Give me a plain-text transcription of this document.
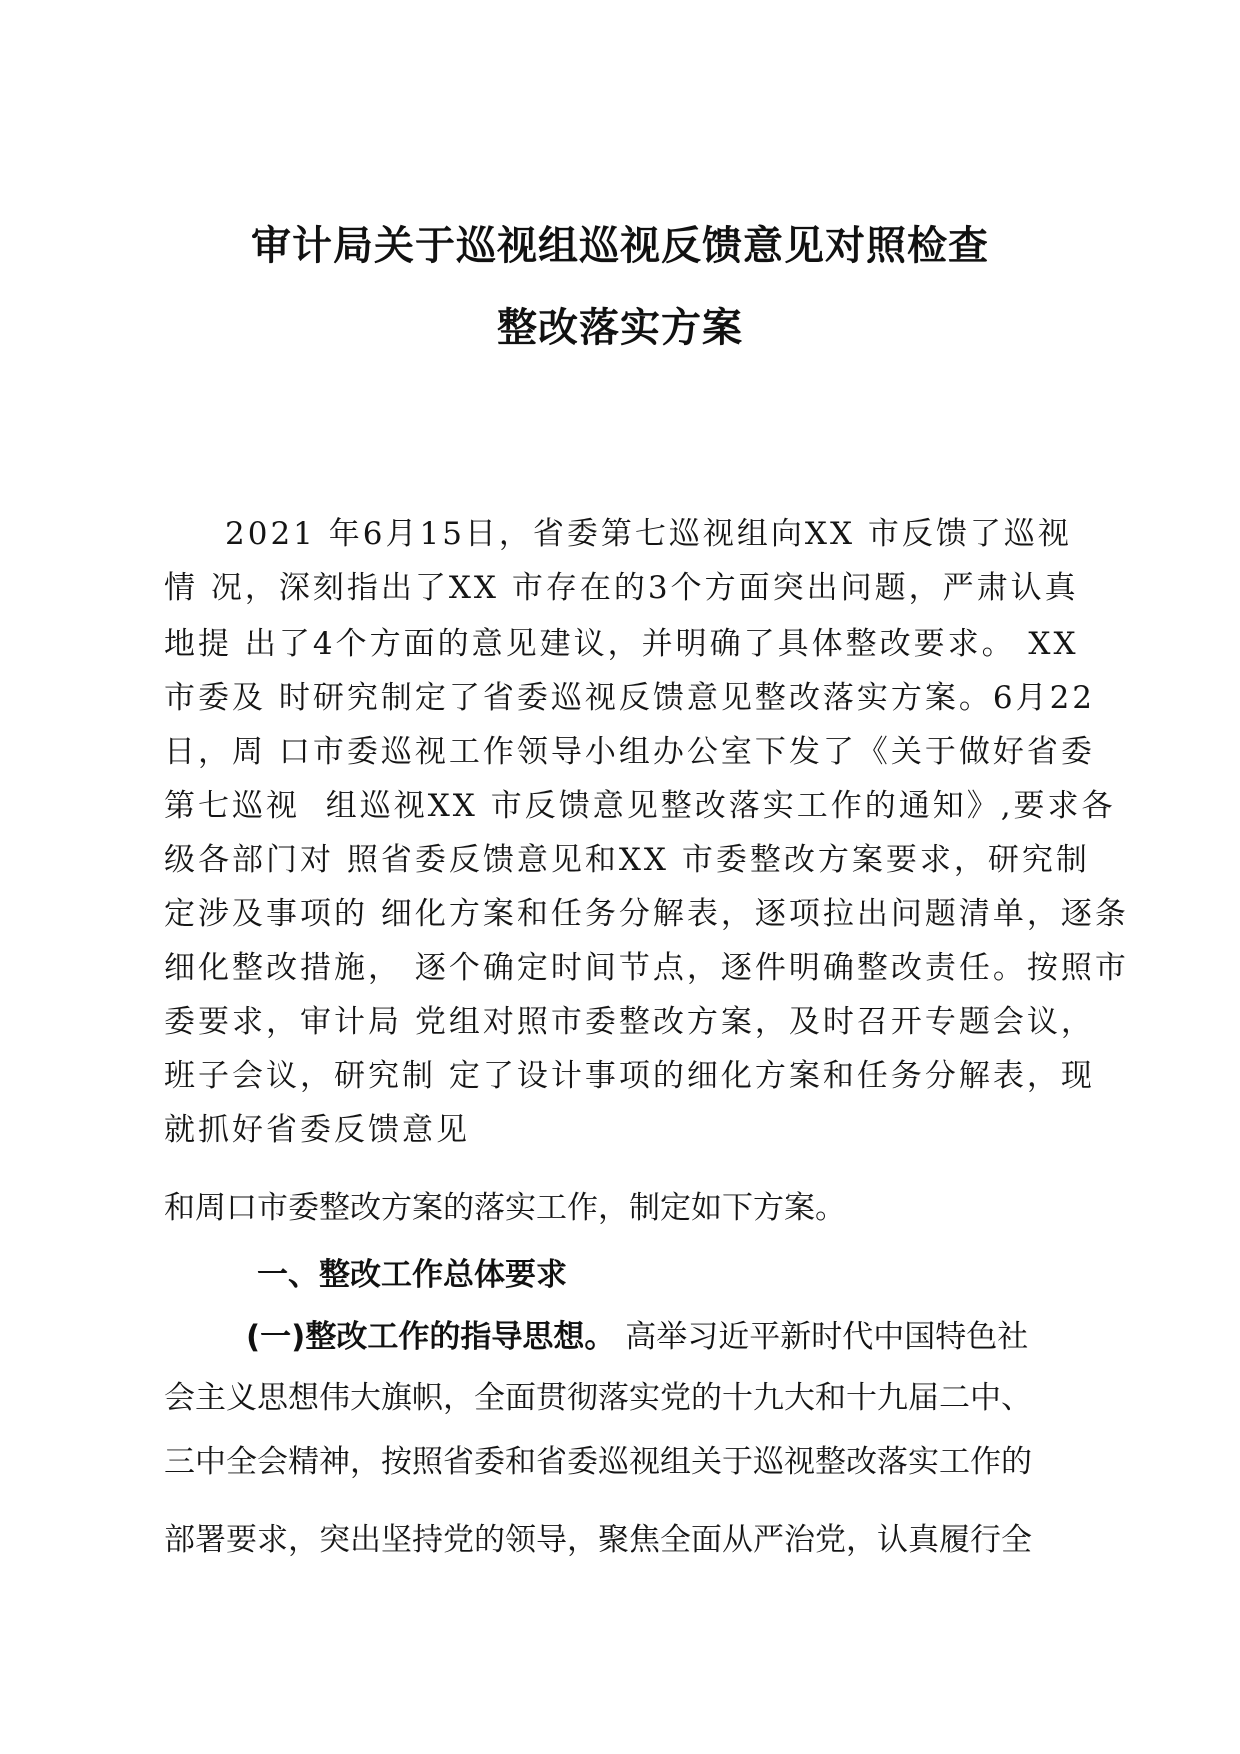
审计局关于巡视组巡视反馈意见对照检查
整改落实方案
2021 年6月15日，省委第七巡视组向XX 市反馈了巡视
情 况，深刻指出了XX 市存在的3个方面突出问题，严肃认真
地提 出了4个方面的意见建议，并明确了具体整改要求。 XX
市委及 时研究制定了省委巡视反馈意见整改落实方案。6月22
日，周 口市委巡视工作领导小组办公室下发了《关于做好省委
第七巡视  组巡视XX 市反馈意见整改落实工作的通知》,要求各
级各部门对 照省委反馈意见和XX 市委整改方案要求，研究制
定涉及事项的 细化方案和任务分解表，逐项拉出问题清单，逐条
细化整改措施， 逐个确定时间节点，逐件明确整改责任。按照市
委要求，审计局 党组对照市委整改方案，及时召开专题会议，
班子会议，研究制 定了设计事项的细化方案和任务分解表，现
就抓好省委反馈意见
和周口市委整改方案的落实工作，制定如下方案。
一、整改工作总体要求
(一)整改工作的指导思想。 高举习近平新时代中国特色社
会主义思想伟大旗帜，全面贯彻落实党的十九大和十九届二中、
三中全会精神，按照省委和省委巡视组关于巡视整改落实工作的
部署要求，突出坚持党的领导，聚焦全面从严治党，认真履行全
